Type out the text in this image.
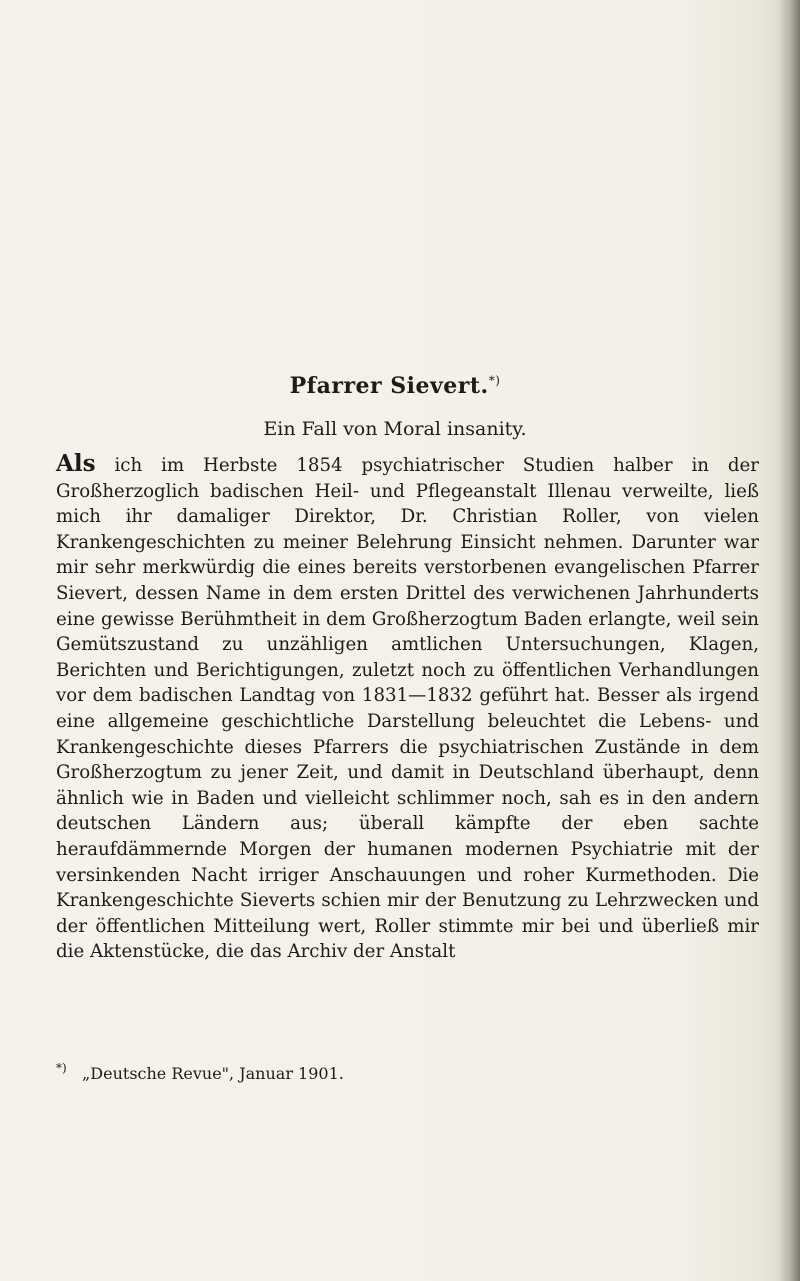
Pfarrer Sievert.*)
Ein Fall von Moral insanity.
Als ich im Herbste 1854 psychiatrischer Studien halber in der Großherzoglich badischen Heil- und Pflegeanstalt Illenau verweilte, ließ mich ihr damaliger Direktor, Dr. Christian Roller, von vielen Krankengeschichten zu meiner Belehrung Einsicht nehmen. Darunter war mir sehr merkwürdig die eines bereits verstorbenen evangelischen Pfarrer Sievert, dessen Name in dem ersten Drittel des verwichenen Jahrhunderts eine gewisse Berühmtheit in dem Großherzogtum Baden erlangte, weil sein Gemütszustand zu unzähligen amtlichen Untersuchungen, Klagen, Berichten und Berichtigungen, zuletzt noch zu öffentlichen Verhandlungen vor dem badischen Landtag von 1831—1832 geführt hat. Besser als irgend eine allgemeine geschichtliche Darstellung beleuchtet die Lebens- und Krankengeschichte dieses Pfarrers die psychiatrischen Zustände in dem Großherzogtum zu jener Zeit, und damit in Deutschland überhaupt, denn ähnlich wie in Baden und vielleicht schlimmer noch, sah es in den andern deutschen Ländern aus; überall kämpfte der eben sachte heraufdämmernde Morgen der humanen modernen Psychiatrie mit der versinkenden Nacht irriger Anschauungen und roher Kurmethoden. Die Krankengeschichte Sieverts schien mir der Benutzung zu Lehrzwecken und der öffentlichen Mitteilung wert, Roller stimmte mir bei und überließ mir die Aktenstücke, die das Archiv der Anstalt
*) „Deutsche Revue", Januar 1901.
